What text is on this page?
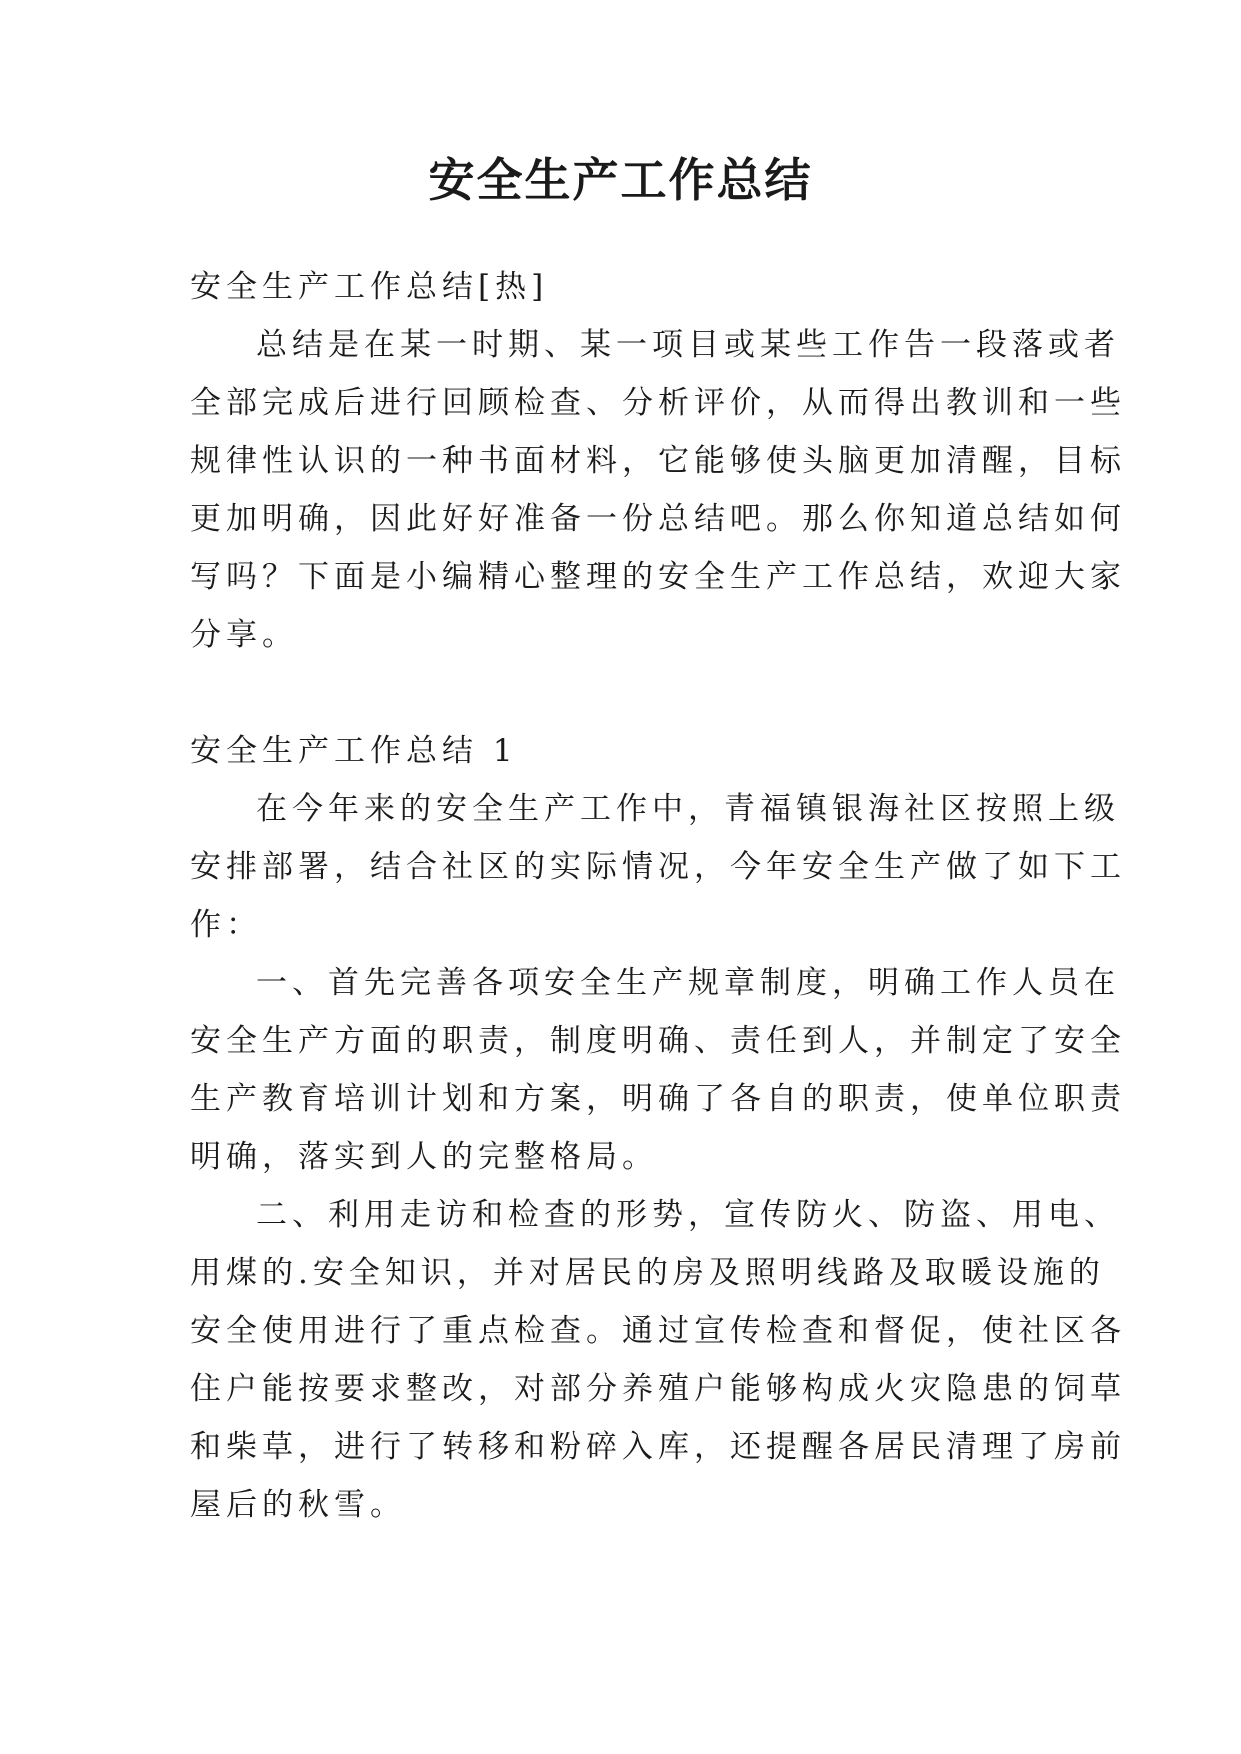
安全生产工作总结
安全生产工作总结[热]
总结是在某一时期、某一项目或某些工作告一段落或者
全部完成后进行回顾检查、分析评价，从而得出教训和一些
规律性认识的一种书面材料，它能够使头脑更加清醒，目标
更加明确，因此好好准备一份总结吧。那么你知道总结如何
写吗？下面是小编精心整理的安全生产工作总结，欢迎大家
分享。
安全生产工作总结 1
在今年来的安全生产工作中，青福镇银海社区按照上级
安排部署，结合社区的实际情况，今年安全生产做了如下工
作：
一、首先完善各项安全生产规章制度，明确工作人员在
安全生产方面的职责，制度明确、责任到人，并制定了安全
生产教育培训计划和方案，明确了各自的职责，使单位职责
明确，落实到人的完整格局。
二、利用走访和检查的形势，宣传防火、防盗、用电、
用煤的.安全知识，并对居民的房及照明线路及取暖设施的
安全使用进行了重点检查。通过宣传检查和督促，使社区各
住户能按要求整改，对部分养殖户能够构成火灾隐患的饲草
和柴草，进行了转移和粉碎入库，还提醒各居民清理了房前
屋后的秋雪。
